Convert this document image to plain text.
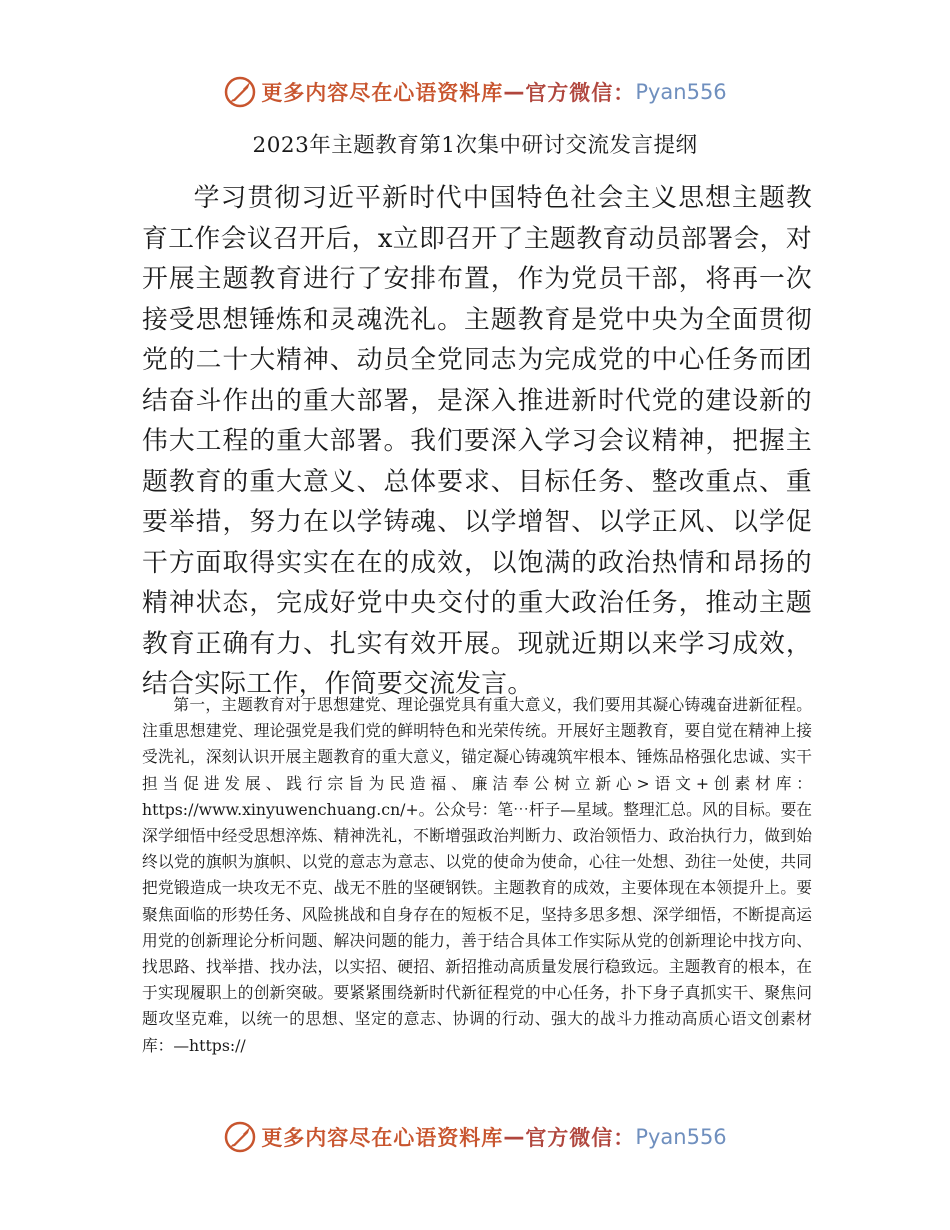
更多内容尽在心语资料库 — 官方微信： Pyan556
2023年主题教育第1次集中研讨交流发言提纲

学习贯彻习近平新时代中国特色社会主义思想主题教育工作会议召开后，x立即召开了主题教育动员部署会，对开展主题教育进行了安排布置，作为党员干部，将再一次接受思想锤炼和灵魂洗礼。主题教育是党中央为全面贯彻党的二十大精神、动员全党同志为完成党的中心任务而团结奋斗作出的重大部署，是深入推进新时代党的建设新的伟大工程的重大部署。我们要深入学习会议精神，把握主题教育的重大意义、总体要求、目标任务、整改重点、重要举措，努力在以学铸魂、以学增智、以学正风、以学促干方面取得实实在在的成效，以饱满的政治热情和昂扬的精神状态，完成好党中央交付的重大政治任务，推动主题教育正确有力、扎实有效开展。现就近期以来学习成效，结合实际工作，作简要交流发言。

第一，主题教育对于思想建党、理论强党具有重大意义，我们要用其凝心铸魂奋进新征程。注重思想建党、理论强党是我们党的鲜明特色和光荣传统。开展好主题教育，要自觉在精神上接受洗礼，深刻认识开展主题教育的重大意义，锚定凝心铸魂筑牢根本、锤炼品格强化忠诚、实干担当促进发展、践行宗旨为民造福、廉洁奉公树立新心>语文+创素材库：https://www.xinyuwenchuang.cn/+。公众号：笔⋯杆子—星域。整理汇总。风的目标。要在深学细悟中经受思想淬炼、精神洗礼，不断增强政治判断力、政治领悟力、政治执行力，做到始终以党的旗帜为旗帜、以党的意志为意志、以党的使命为使命，心往一处想、劲往一处使，共同把党锻造成一块攻无不克、战无不胜的坚硬钢铁。主题教育的成效，主要体现在本领提升上。要聚焦面临的形势任务、风险挑战和自身存在的短板不足，坚持多思多想、深学细悟，不断提高运用党的创新理论分析问题、解决问题的能力，善于结合具体工作实际从党的创新理论中找方向、找思路、找举措、找办法，以实招、硬招、新招推动高质量发展行稳致远。主题教育的根本，在于实现履职上的创新突破。要紧紧围绕新时代新征程党的中心任务，扑下身子真抓实干、聚焦问题攻坚克难，以统一的思想、坚定的意志、协调的行动、强大的战斗力推动高质心语文创素材库：—https://

更多内容尽在心语资料库 — 官方微信： Pyan556
